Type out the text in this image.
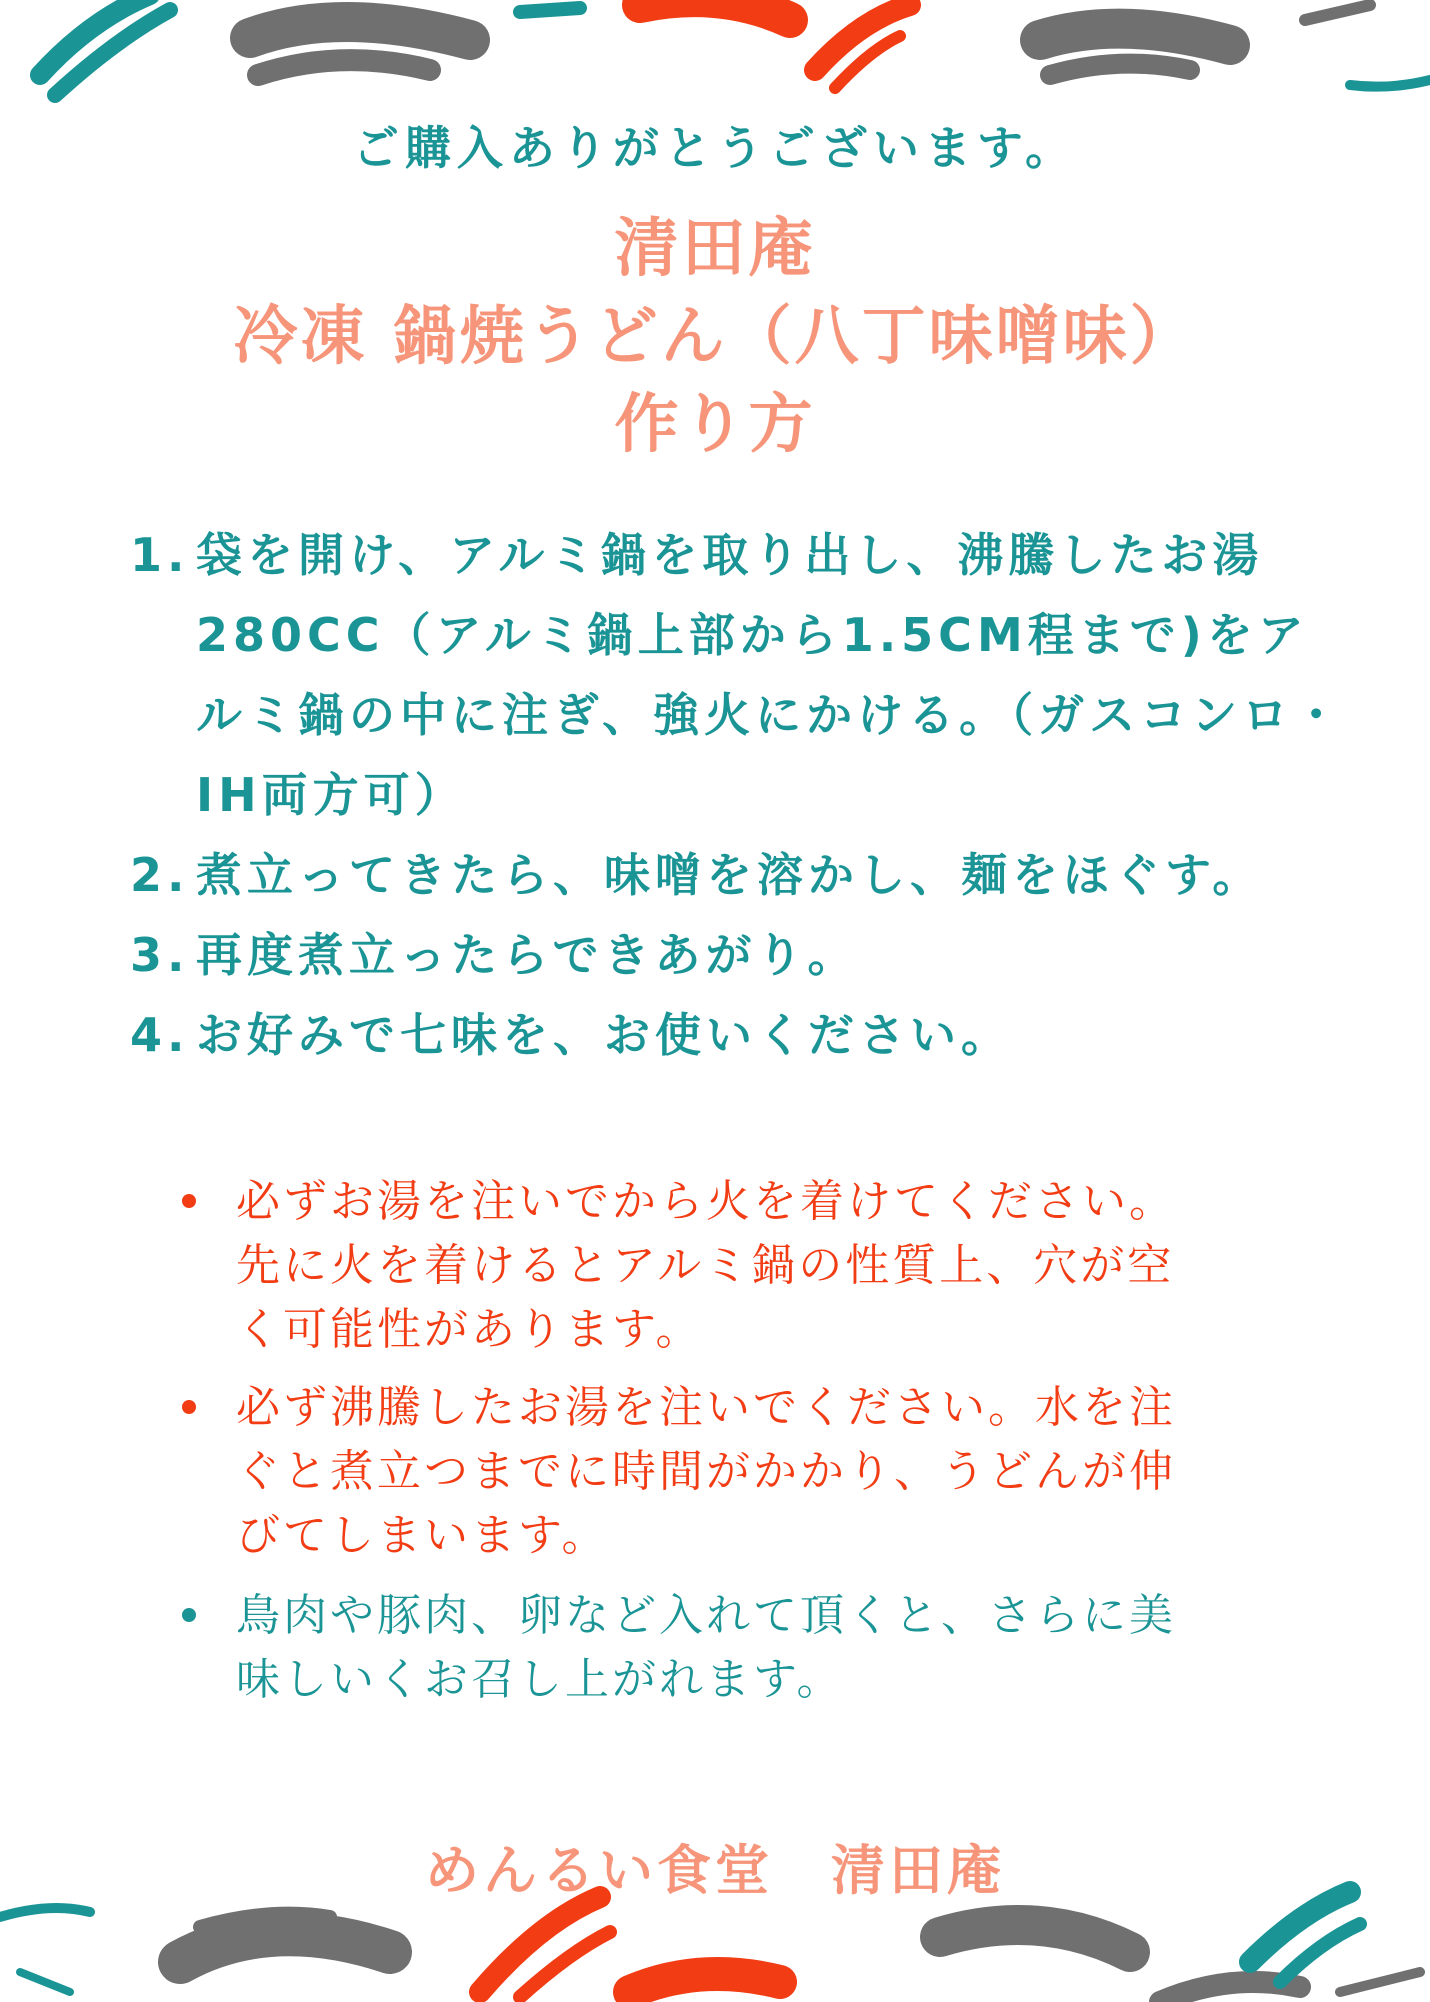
ご購入ありがとうございます。
清田庵
冷凍 鍋焼うどん（八丁味噌味）
作り方
1. 袋を開け、アルミ鍋を取り出し、沸騰したお湯280CC（アルミ鍋上部から1.5CM程まで)をアルミ鍋の中に注ぎ、強火にかける。（ガスコンロ・IH両方可）
2. 煮立ってきたら、味噌を溶かし、麺をほぐす。
3. 再度煮立ったらできあがり。
4. お好みで七味を、お使いください。
必ずお湯を注いでから火を着けてください。先に火を着けるとアルミ鍋の性質上、穴が空く可能性があります。
必ず沸騰したお湯を注いでください。水を注ぐと煮立つまでに時間がかかり、うどんが伸びてしまいます。
鳥肉や豚肉、卵など入れて頂くと、さらに美味しいくお召し上がれます。
めんるい食堂　清田庵
